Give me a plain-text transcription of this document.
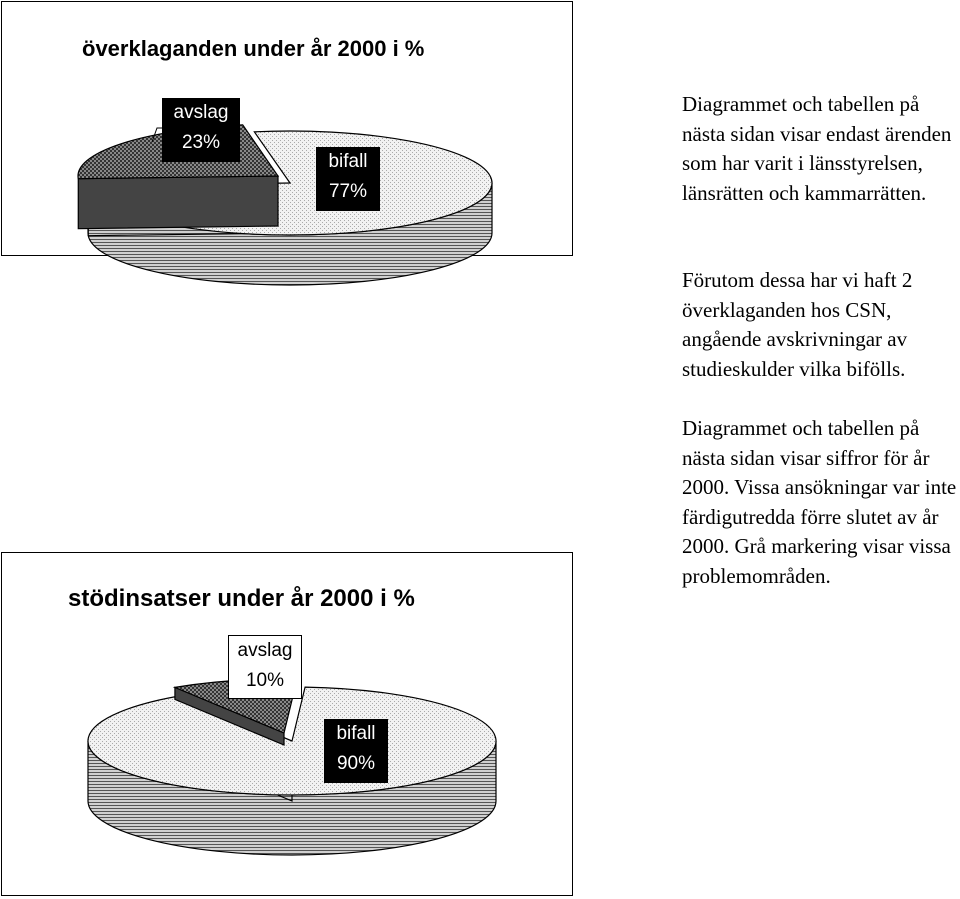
överklaganden under år 2000 i %
avslag
23%
bifall
77%
stödinsatser under år 2000 i %
avslag
10%
bifall
90%

Diagrammet och tabellen på nästa sidan visar endast ärenden som har varit i länsstyrelsen, länsrätten och kammarrätten.

Förutom dessa har vi haft 2 överklaganden hos CSN, angående avskrivningar av studieskulder vilka bifölls.

Diagrammet och tabellen på nästa sidan visar siffror för år 2000. Vissa ansökningar var inte färdigutredda förre slutet av år 2000. Grå markering visar vissa problemområden.
